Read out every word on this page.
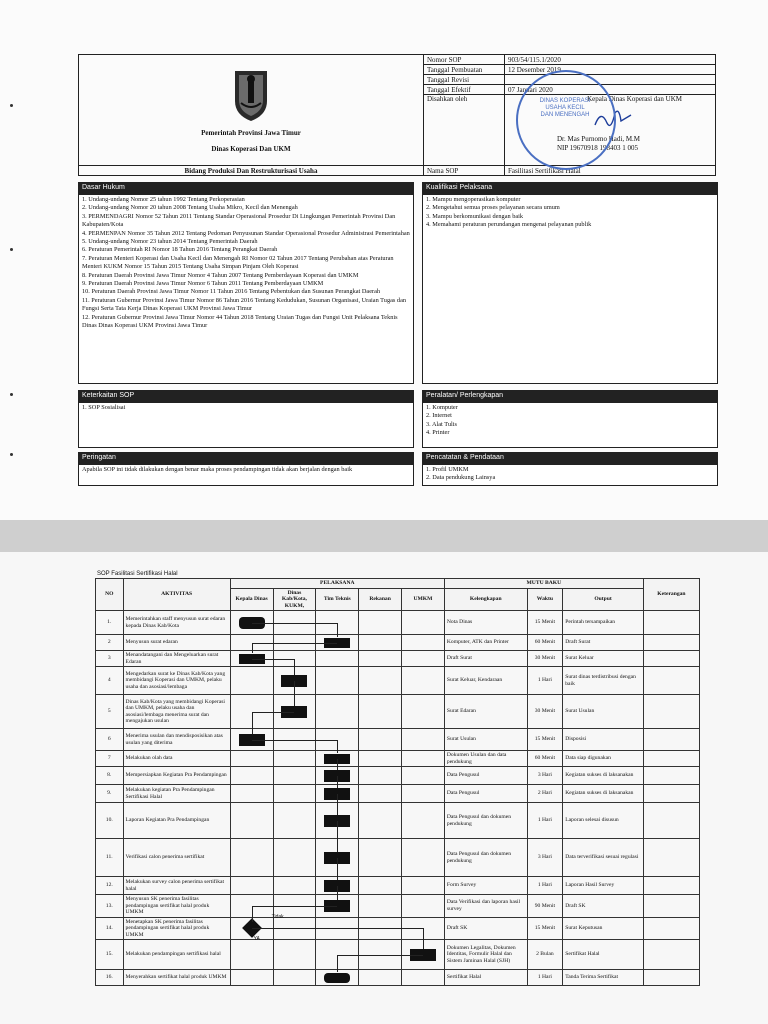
Pemerintah Provinsi Jawa Timur
Dinas Koperasi Dan UKM	Nomor SOP	903/54/115.1/2020
	Tanggal Pembuatan	12 Desember 2019
	Tanggal Revisi	
	Tanggal Efektif	07 Januari 2020
	Disahkan oleh	Kepala Dinas Koperasi dan UKM
Dr. Mas Purnomo Hadi, M.M
NIP 19670918 198403 1 005

Bidang Produksi Dan Restrukturisasi Usaha	Nama SOP	Fasilitasi Sertifikasi Halal
DINAS KOPERASI
USAHA KECIL
DAN MENENGAH
Dasar Hukum
1. Undang-undang Nomor 25 tahun 1992 Tentang Perkoperasian
2. Undang-undang Nomor 20 tahun 2008 Tentang Usaha Mikro, Kecil dan Menengah
3. PERMENDAGRI Nomor 52 Tahun 2011 Tentang Standar Operasional Prosedur Di Lingkungan Pemerintah Provinsi Dan Kabupaten/Kota
4. PERMENPAN Nomor 35 Tahun 2012 Tentang Pedoman Penyusunan Standar Operasional Prosedur Administrasi Pemerintahan
5. Undang-undang Nomor 23 tahun 2014 Tentang Pemerintah Daerah
6. Peraturan Pemerintah RI Nomor 18 Tahun 2016 Tentang Perangkat Daerah
7. Peraturan Menteri Koperasi dan Usaha Kecil dan Menengah RI Nomor 02 Tahun 2017 Tentang Perubahan atas Peraturan Menteri KUKM Nomor 15 Tahun 2015 Tentang Usaha Simpan Pinjam Oleh Koperasi
8. Peraturan Daerah Provinsi Jawa Timur Nomor 4 Tahun 2007 Tentang Pemberdayaan Koperasi dan UMKM
9. Peraturan Daerah Provinsi Jawa Timur Nomor 6 Tahun 2011 Tentang Pemberdayaan UMKM
10. Peraturan Daerah Provinsi Jawa Timur Nomor 11 Tahun 2016 Tentang Pebentukan dan Susunan Perangkat Daerah
11. Peraturan Gubernur Provinsi Jawa Timur Nomor 86 Tahun 2016 Tentang Kedudukan, Susunan Organisasi, Uraian Tugas dan Fungsi Serta Tata Kerja Dinas Koperasi UKM Provinsi Jawa Timur
12. Peraturan Gubernur Provinsi Jawa Timur Nomor 44 Tahun 2018 Tentang Uraian Tugas dan Fungsi Unit Pelaksana Teknis Dinas Dinas Koperasi UKM Provinsi Jawa Timur
Kualifikasi Pelaksana
1. Mampu mengoperasikan komputer
2. Mengetahui semua proses pelayanan secara umum
3. Mampu berkomunikasi dengan baik
4. Memahami peraturan perundangan mengenai pelayanan publik
Keterkaitan SOP
1. SOP Sosialisai
Peralatan/ Perlengkapan
1. Komputer
2. Internet
3. Alat Tulis
4. Printer
Peringatan
Apabila SOP ini tidak dilakukan dengan benar maka proses pendampingan tidak akan berjalan dengan baik
Pencatatan & Pendataan
1. Profil UMKM
2. Data pendukung Lainsya
SOP Fasilitasi Sertifikasi Halal
NO	AKTIVITAS	PELAKSANA					MUTU BAKU			Keterangan
		Kepala Dinas	Dinas Kab/Kota, KUKM,	Tim Teknis	Rekanan	UMKM	Kelengkapan	Waktu	Output	
1.	Memerintahkan staff menyusun surat edaran kepada Dinas Kab/Kota						Nota Dinas	15 Menit	Perintah tersampaikan	
2	Menyusun surat edaran						Komputer, ATK dan Printer	60 Menit	Draft Surat	
3	Menandatangani dan Mengeluarkan surat Edaran						Draft Surat	30 Menit	Surat Keluar	
4	Mengedarkan surat ke Dinas Kab/Kota yang membidangi Koperasi dan UMKM, pelaku usaha dan asosiasi/lembaga						Surat Keluar, Kendaraan	1 Hari	Surat dinas terdistribusi dengan baik	
5	Dinas Kab/Kota yang membidangi Koperasi dan UMKM, pelaku usaha dan asosiasi/lembaga menerima surat dan mengajukan usulan						Surat Edaran	30 Menit	Surat Usulan	
6	Menerima usulan dan mendisposisikan atas usulan yang diterima						Surat Usulan	15 Menit	Disposisi	
7	Melakukan olah data						Dokumen Usulan dan data pendukung	60 Menit	Data siap digunakan	
8.	Mempersiapkan Kegiatan Pra Pendampingan						Data Pengusul	3 Hari	Kegiatan sukses di laksanakan	
9.	Melakukan kegiatan Pra Pendampingan Sertifikasi Halal						Data Pengusul	2 Hari	Kegiatan sukses di laksanakan	
10.	Laporan Kegiatan Pra Pendampingan						Data Pengusul dan dokumen pendukung	1 Hari	Laporan selesai disusun	
11.	Verifikasi calon penerima sertifikat						Data Pengusul dan dokumen pendukung	3 Hari	Data terverifikasi sesuai regulasi	
12.	Melakukan survey calon penerima sertifikat halal						Form Survey	1 Hari	Laporan Hasil Survey	
13.	Menyusun SK penerima fasilitas pendampingan sertifikat halal produk UMKM						Data Verifikasi dan laporan hasil survey	90 Menit	Draft SK	
14.	Menetapkan SK penerima fasilitas pendampingan sertifikat halal produk UMKM						Draft SK	15 Menit	Surat Keputusan	
15.	Melakukan pendampingan sertifikasi halal						Dokumen Legalitas, Dokumen Identitas, Formulir Halal dan Sistem Jaminan Halal (SJH)	2 Bulan	Sertifikat Halal	
16.	Menyerahkan sertifikat halal produk UMKM						Sertifikat Halal	1 Hari	Tanda Terima Sertifikat	
YA
Tidak
